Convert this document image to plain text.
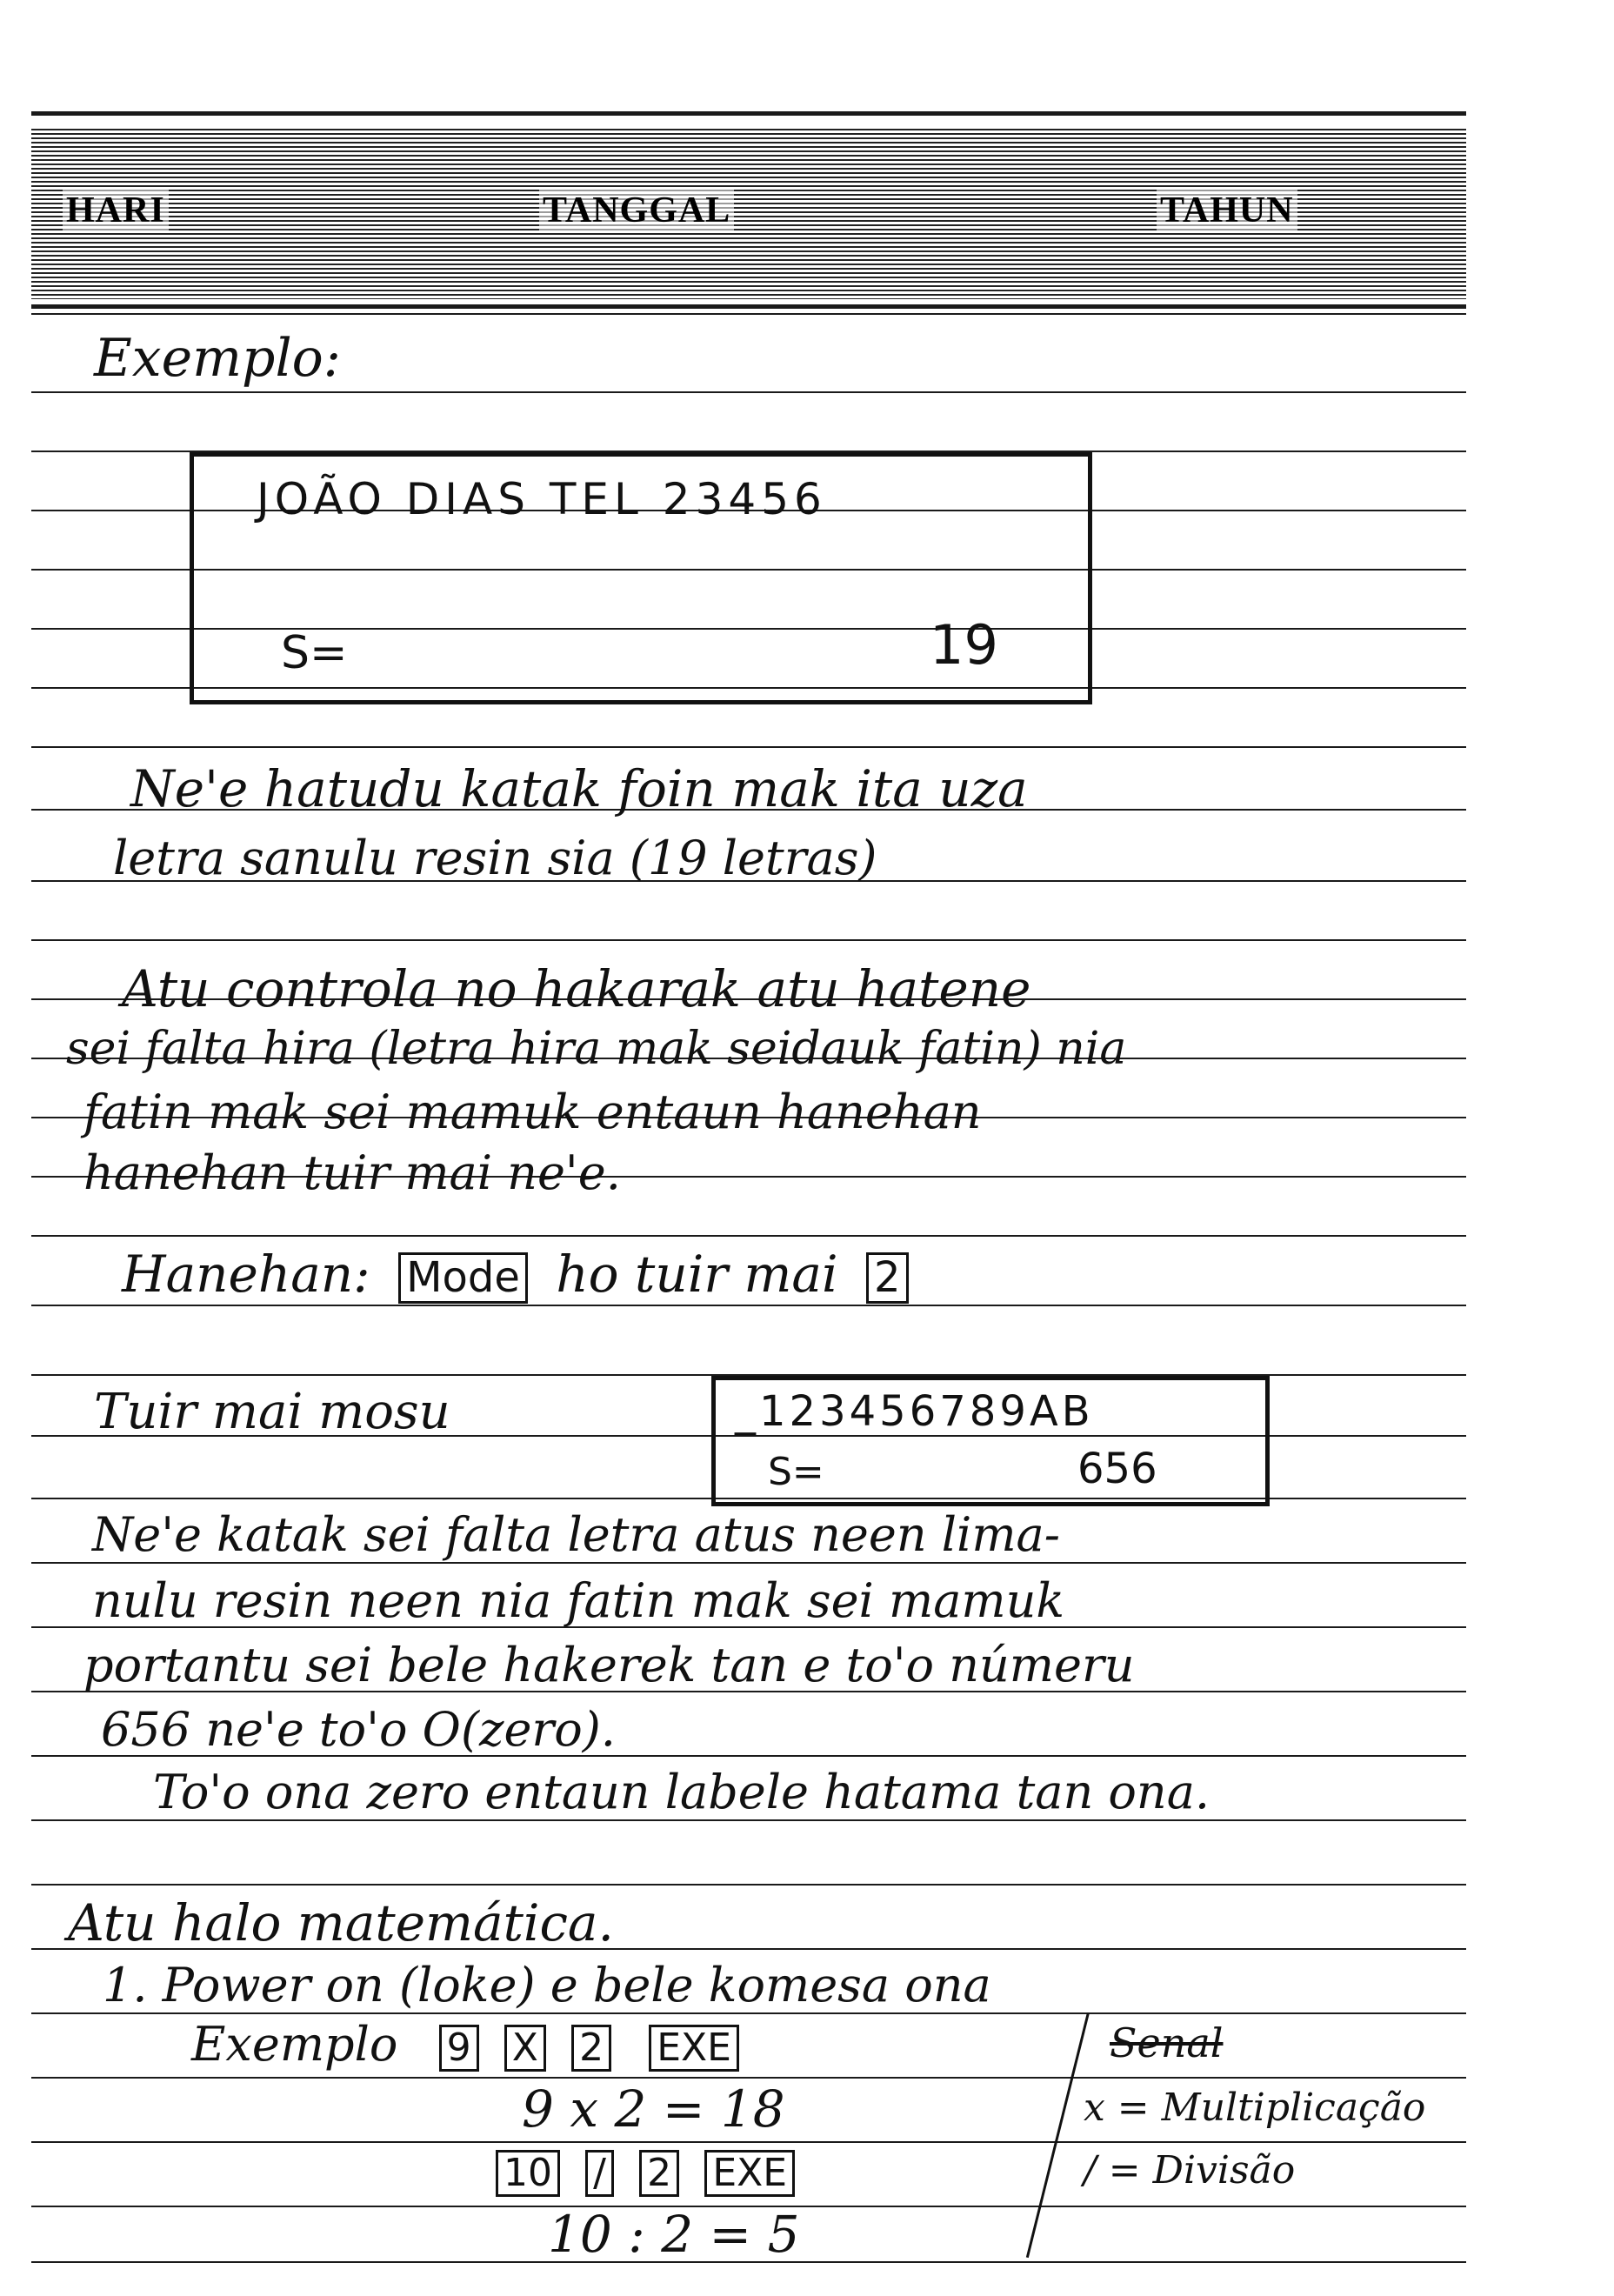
HARI	TANGGAL	TAHUN
Exemplo:
JOÃO DIAS TEL 23456
S=	19
Ne'e hatudu katak foin mak ita uza
letra sanulu resin sia (19 letras)
Atu controla no hakarak atu hatene
sei falta hira (letra hira mak seidauk fatin) nia
fatin mak sei mamuk entaun hanehan
hanehan tuir mai ne'e.
Hanehan: Mode ho tuir mai 2
Tuir mai mosu	_123456789AB
S=	656
Ne'e katak sei falta letra atus neen lima-
nulu resin neen nia fatin mak sei mamuk
portantu sei bele hakerek tan e to'o númeru
656 ne'e to'o O(zero).
To'o ona zero entaun labele hatama tan ona.
Atu halo matemática.
1. Power on (loke) e bele komesa ona
Exemplo 9 X 2 EXE
9 x 2 = 18
10 / 2 EXE
10 : 2 = 5
Senal
x = Multiplicação
/ = Divisão
